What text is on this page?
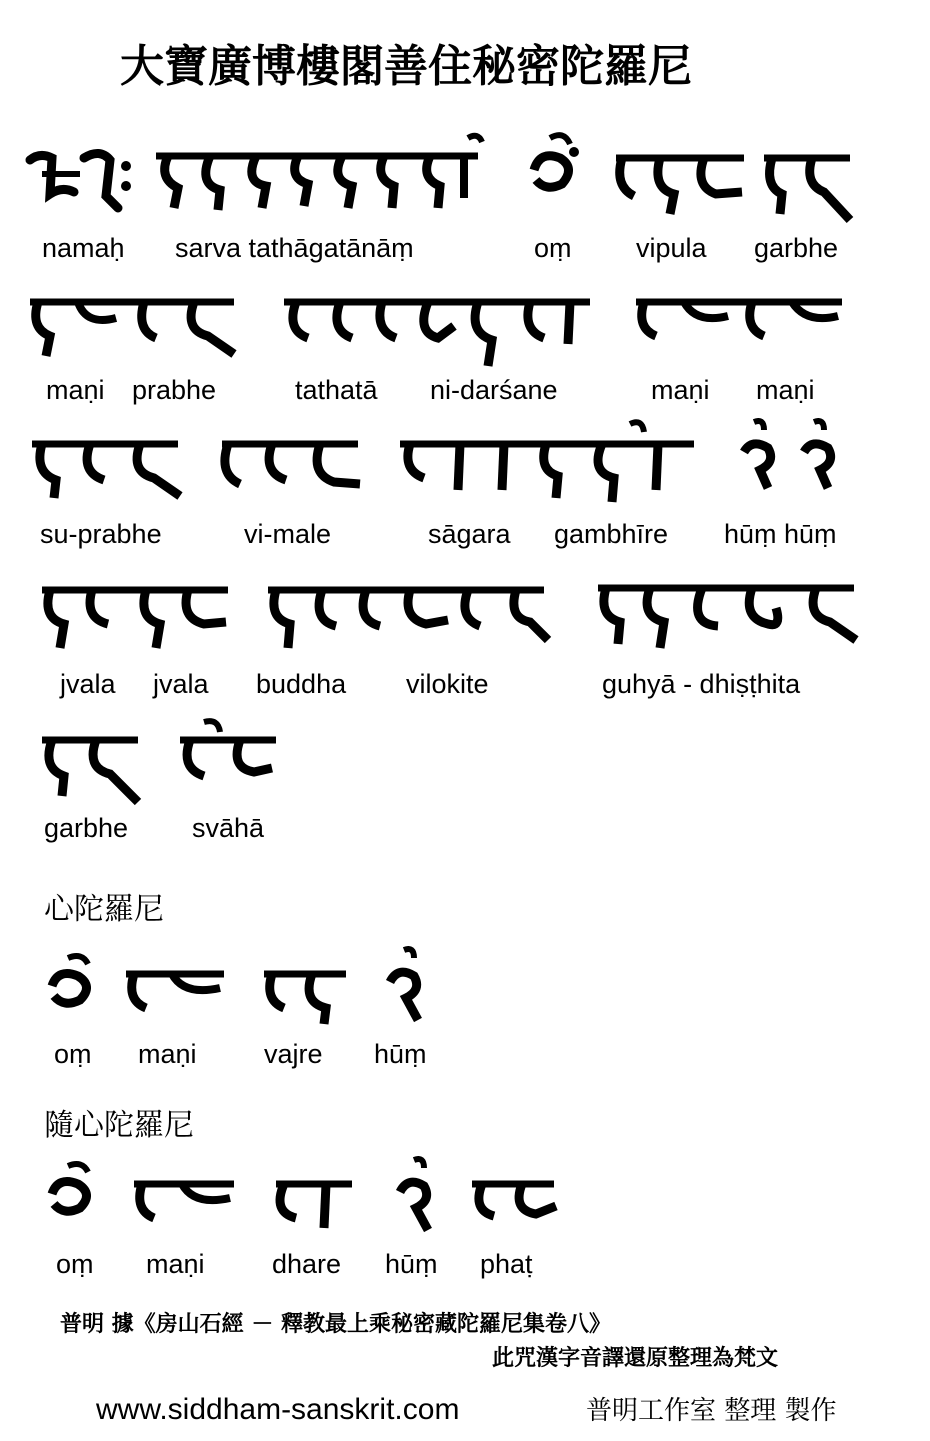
大寶廣博樓閣善住秘密陀羅尼
namaḥ sarva tathāgatānāṃ	oṃ vipula garbhe
maṇi prabhe	tathatā ni-darśane	maṇi maṇi
su-prabhe	vi-male	sāgara gambhīre hūṃ hūṃ
jvala jvala buddha vilokite	guhyā - dhiṣṭhita
garbhe svāhā
心陀羅尼
oṃ maṇi vajre hūṃ
隨心陀羅尼
oṃ maṇi dhare hūṃ phaṭ
普明 據《房山石經 － 釋教最上乘秘密藏陀羅尼集卷八》
此咒漢字音譯還原整理為梵文
www.siddham-sanskrit.com	普明工作室 整理 製作
